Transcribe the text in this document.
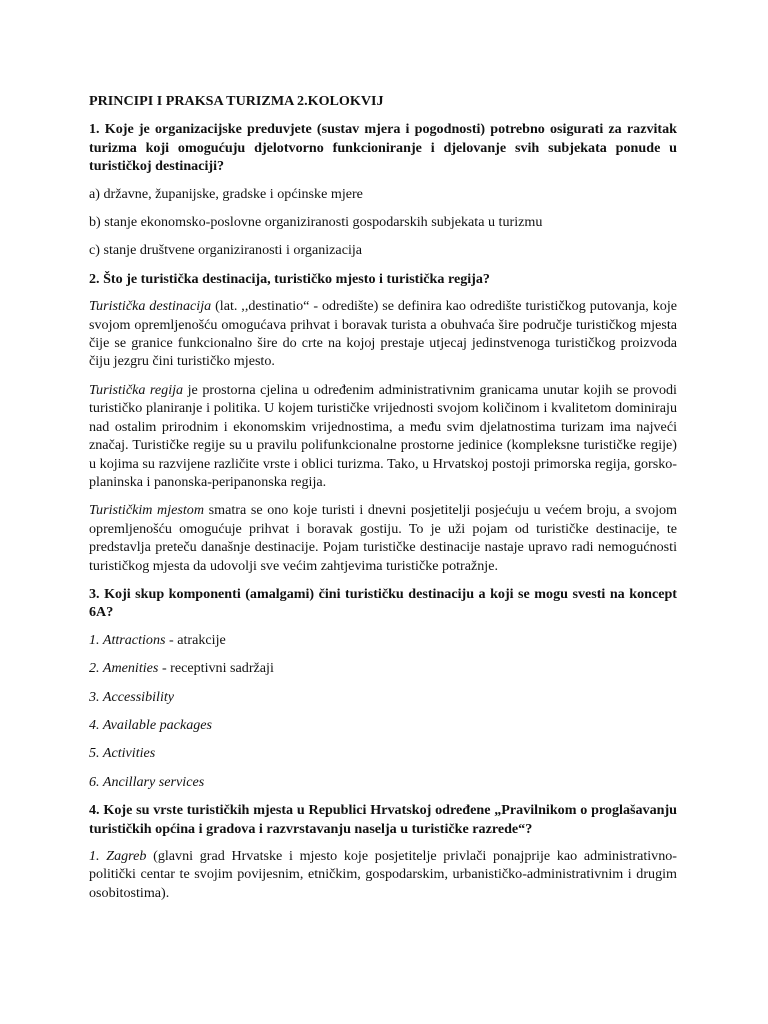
PRINCIPI I PRAKSA TURIZMA 2.KOLOKVIJ
1. Koje je organizacijske preduvjete (sustav mjera i pogodnosti) potrebno osigurati za razvitak turizma koji omogućuju djelotvorno funkcioniranje i djelovanje svih subjekata ponude u turističkoj destinaciji?
a) državne, županijske, gradske i općinske mjere
b) stanje ekonomsko-poslovne organiziranosti gospodarskih subjekata u turizmu
c) stanje društvene organiziranosti i organizacija
2. Što je turistička destinacija, turističko mjesto i turistička regija?
Turistička destinacija (lat. ,,destinatio“ - odredište) se definira kao odredište turističkog putovanja, koje svojom opremljenošću omogućava prihvat i boravak turista a obuhvaća šire područje turističkog mjesta čije se granice funkcionalno šire do crte na kojoj prestaje utjecaj jedinstvenoga turističkog proizvoda čiju jezgru čini turističko mjesto.
Turistička regija je prostorna cjelina u određenim administrativnim granicama unutar kojih se provodi turističko planiranje i politika. U kojem turističke vrijednosti svojom količinom i kvalitetom dominiraju nad ostalim prirodnim i ekonomskim vrijednostima, a među svim djelatnostima turizam ima najveći značaj. Turističke regije su u pravilu polifunkcionalne prostorne jedinice (kompleksne turističke regije) u kojima su razvijene različite vrste i oblici turizma. Tako, u Hrvatskoj postoji primorska regija, gorsko-planinska i panonska-peripanonska regija.
Turističkim mjestom smatra se ono koje turisti i dnevni posjetitelji posjećuju u većem broju, a svojom opremljenošću omogućuje prihvat i boravak gostiju. To je uži pojam od turističke destinacije, te predstavlja preteču današnje destinacije. Pojam turističke destinacije nastaje upravo radi nemogućnosti turističkog mjesta da udovolji sve većim zahtjevima turističke potražnje.
3. Koji skup komponenti (amalgami) čini turističku destinaciju a koji se mogu svesti na koncept 6A?
1. Attractions - atrakcije
2. Amenities - receptivni sadržaji
3. Accessibility
4. Available packages
5. Activities
6. Ancillary services
4. Koje su vrste turističkih mjesta u Republici Hrvatskoj određene „Pravilnikom o proglašavanju turističkih općina i gradova i razvrstavanju naselja u turističke razrede“?
1. Zagreb (glavni grad Hrvatske i mjesto koje posjetitelje privlači ponajprije kao administrativno-politički centar te svojim povijesnim, etničkim, gospodarskim, urbanističko-administrativnim i drugim osobitostima).
